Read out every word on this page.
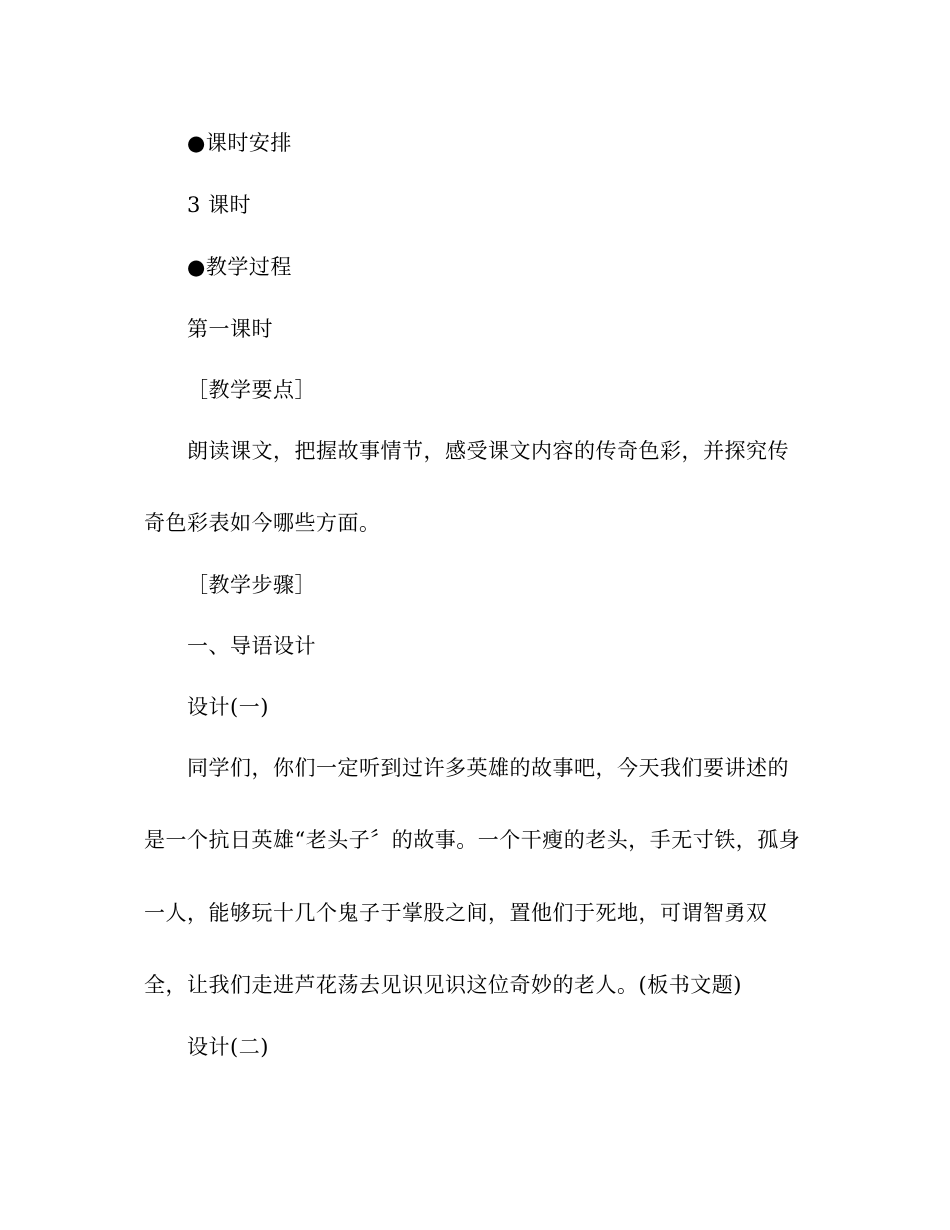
●课时安排
3 课时
●教学过程
第一课时
［教学要点］
朗读课文，把握故事情节，感受课文内容的传奇色彩，并探究传
奇色彩表如今哪些方面。
［教学步骤］
一、导语设计
设计(一)
同学们，你们一定听到过许多英雄的故事吧，今天我们要讲述的
是一个抗日英雄“老头子〞的故事。一个干瘦的老头，手无寸铁，孤身
一人，能够玩十几个鬼子于掌股之间，置他们于死地，可谓智勇双
全，让我们走进芦花荡去见识见识这位奇妙的老人。(板书文题)
设计(二)
